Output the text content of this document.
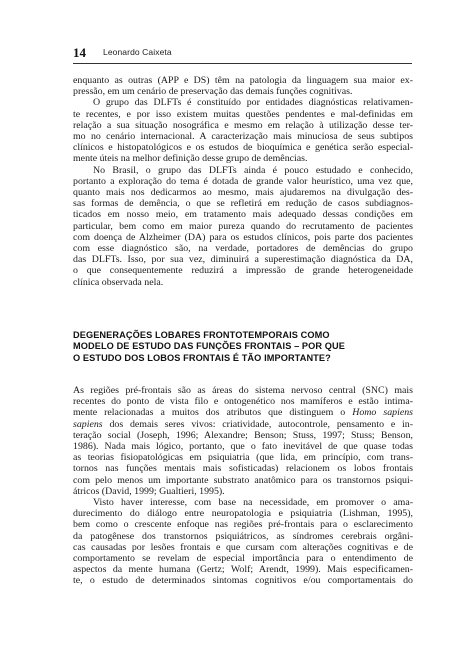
14 Leonardo Caixeta
enquanto as outras (APP e DS) têm na patologia da linguagem sua maior ex-
pressão, em um cenário de preservação das demais funções cognitivas.
O grupo das DLFTs é constituído por entidades diagnósticas relativamen-
te recentes, e por isso existem muitas questões pendentes e mal-definidas em
relação a sua situação nosográfica e mesmo em relação à utilização desse ter-
mo no cenário internacional. A caracterização mais minuciosa de seus subtipos
clínicos e histopatológicos e os estudos de bioquímica e genética serão especial-
mente úteis na melhor definição desse grupo de demências.
No Brasil, o grupo das DLFTs ainda é pouco estudado e conhecido,
portanto a exploração do tema é dotada de grande valor heurístico, uma vez que,
quanto mais nos dedicarmos ao mesmo, mais ajudaremos na divulgação des-
sas formas de demência, o que se refletirá em redução de casos subdiagnos-
ticados em nosso meio, em tratamento mais adequado dessas condições em
particular, bem como em maior pureza quando do recrutamento de pacientes
com doença de Alzheimer (DA) para os estudos clínicos, pois parte dos pacientes
com esse diagnóstico são, na verdade, portadores de demências do grupo
das DLFTs. Isso, por sua vez, diminuirá a superestimação diagnóstica da DA,
o que consequentemente reduzirá a impressão de grande heterogeneidade
clínica observada nela.
DEGENERAÇÕES LOBARES FRONTOTEMPORAIS COMO
MODELO DE ESTUDO DAS FUNÇÕES FRONTAIS – POR QUE
O ESTUDO DOS LOBOS FRONTAIS É TÃO IMPORTANTE?
As regiões pré-frontais são as áreas do sistema nervoso central (SNC) mais
recentes do ponto de vista filo e ontogenético nos mamíferos e estão intima-
mente relacionadas a muitos dos atributos que distinguem o Homo sapiens
sapiens dos demais seres vivos: criatividade, autocontrole, pensamento e in-
teração social (Joseph, 1996; Alexandre; Benson; Stuss, 1997; Stuss; Benson,
1986). Nada mais lógico, portanto, que o fato inevitável de que quase todas
as teorias fisiopatológicas em psiquiatria (que lida, em princípio, com trans-
tornos nas funções mentais mais sofisticadas) relacionem os lobos frontais
com pelo menos um importante substrato anatômico para os transtornos psiqui-
átricos (David, 1999; Gualtieri, 1995).
Visto haver interesse, com base na necessidade, em promover o ama-
durecimento do diálogo entre neuropatologia e psiquiatria (Lishman, 1995),
bem como o crescente enfoque nas regiões pré-frontais para o esclarecimento
da patogênese dos transtornos psiquiátricos, as síndromes cerebrais orgâni-
cas causadas por lesões frontais e que cursam com alterações cognitivas e de
comportamento se revelam de especial importância para o entendimento de
aspectos da mente humana (Gertz; Wolf; Arendt, 1999). Mais especificamen-
te, o estudo de determinados sintomas cognitivos e/ou comportamentais do
